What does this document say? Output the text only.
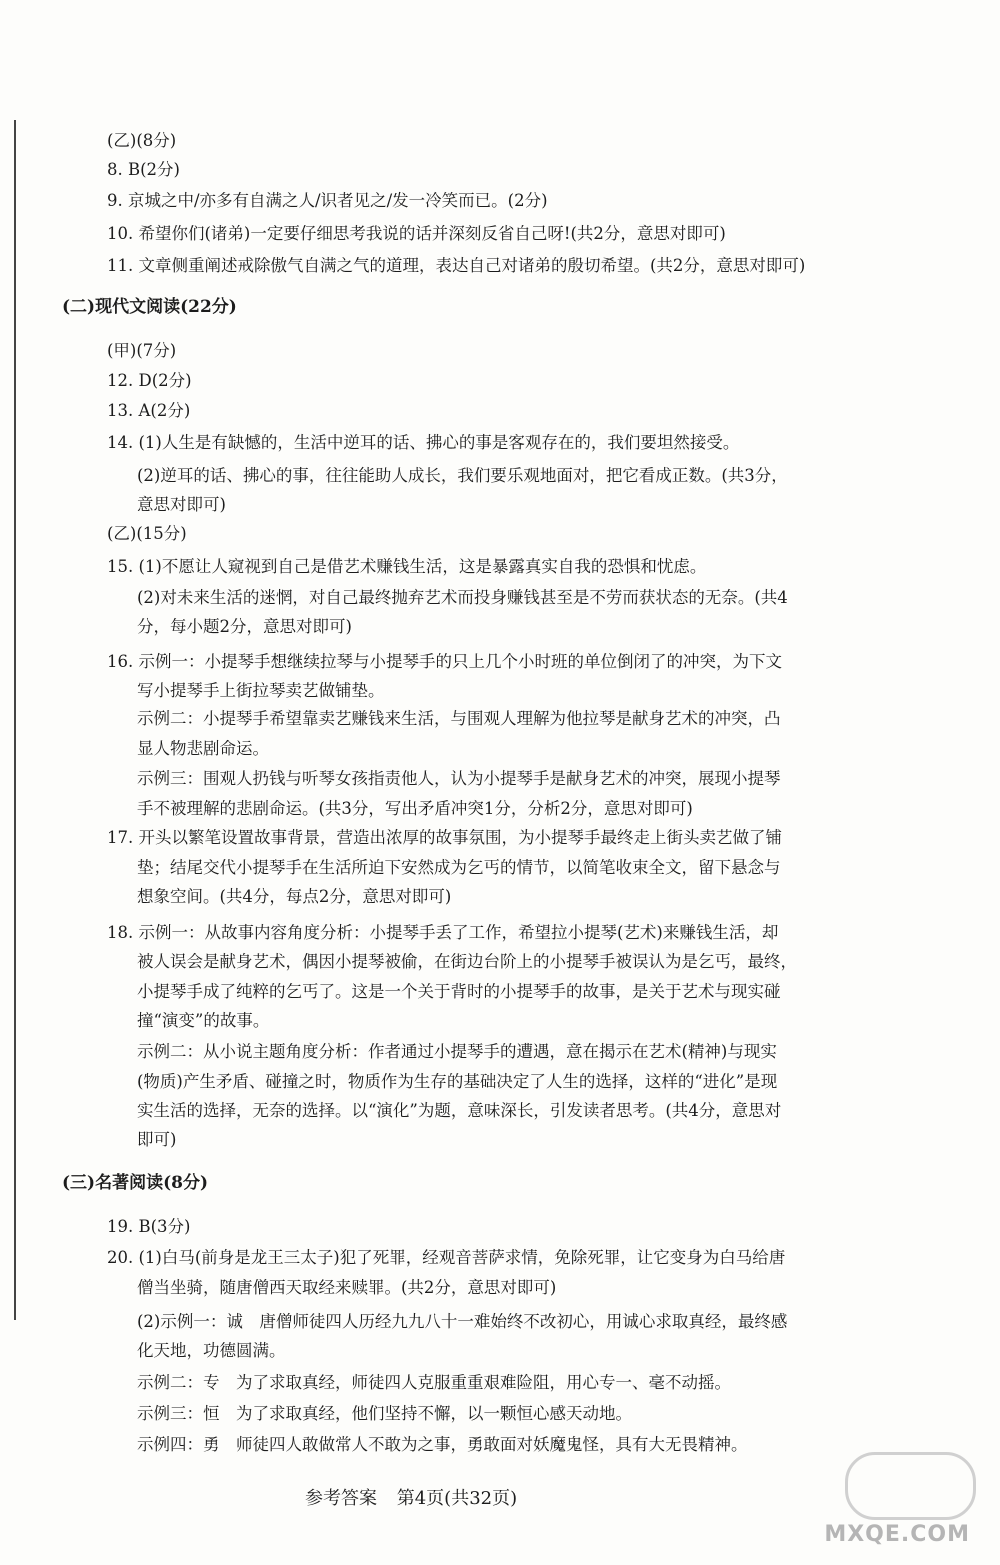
(乙)(8分)
8. B(2分)
9. 京城之中/亦多有自满之人/识者见之/发一冷笑而已。(2分)
10. 希望你们(诸弟)一定要仔细思考我说的话并深刻反省自己呀!(共2分，意思对即可)
11. 文章侧重阐述戒除傲气自满之气的道理，表达自己对诸弟的殷切希望。(共2分，意思对即可)
(二)现代文阅读(22分)
(甲)(7分)
12. D(2分)
13. A(2分)
14. (1)人生是有缺憾的，生活中逆耳的话、拂心的事是客观存在的，我们要坦然接受。
(2)逆耳的话、拂心的事，往往能助人成长，我们要乐观地面对，把它看成正数。(共3分，
意思对即可)
(乙)(15分)
15. (1)不愿让人窥视到自己是借艺术赚钱生活，这是暴露真实自我的恐惧和忧虑。
(2)对未来生活的迷惘，对自己最终抛弃艺术而投身赚钱甚至是不劳而获状态的无奈。(共4
分，每小题2分，意思对即可)
16. 示例一：小提琴手想继续拉琴与小提琴手的只上几个小时班的单位倒闭了的冲突，为下文
写小提琴手上街拉琴卖艺做铺垫。
示例二：小提琴手希望靠卖艺赚钱来生活，与围观人理解为他拉琴是献身艺术的冲突，凸
显人物悲剧命运。
示例三：围观人扔钱与听琴女孩指责他人，认为小提琴手是献身艺术的冲突，展现小提琴
手不被理解的悲剧命运。(共3分，写出矛盾冲突1分，分析2分，意思对即可)
17. 开头以繁笔设置故事背景，营造出浓厚的故事氛围，为小提琴手最终走上街头卖艺做了铺
垫；结尾交代小提琴手在生活所迫下安然成为乞丐的情节，以简笔收束全文，留下悬念与
想象空间。(共4分，每点2分，意思对即可)
18. 示例一：从故事内容角度分析：小提琴手丢了工作，希望拉小提琴(艺术)来赚钱生活，却
被人误会是献身艺术，偶因小提琴被偷，在街边台阶上的小提琴手被误认为是乞丐，最终，
小提琴手成了纯粹的乞丐了。这是一个关于背时的小提琴手的故事，是关于艺术与现实碰
撞“演变”的故事。
示例二：从小说主题角度分析：作者通过小提琴手的遭遇，意在揭示在艺术(精神)与现实
(物质)产生矛盾、碰撞之时，物质作为生存的基础决定了人生的选择，这样的“进化”是现
实生活的选择，无奈的选择。以“演化”为题，意味深长，引发读者思考。(共4分，意思对
即可)
(三)名著阅读(8分)
19. B(3分)
20. (1)白马(前身是龙王三太子)犯了死罪，经观音菩萨求情，免除死罪，让它变身为白马给唐
僧当坐骑，随唐僧西天取经来赎罪。(共2分，意思对即可)
(2)示例一：诚　唐僧师徒四人历经九九八十一难始终不改初心，用诚心求取真经，最终感
化天地，功德圆满。
示例二：专　为了求取真经，师徒四人克服重重艰难险阻，用心专一、毫不动摇。
示例三：恒　为了求取真经，他们坚持不懈，以一颗恒心感天动地。
示例四：勇　师徒四人敢做常人不敢为之事，勇敢面对妖魔鬼怪，具有大无畏精神。
参考答案 第4页(共32页)
MXQE.COM
